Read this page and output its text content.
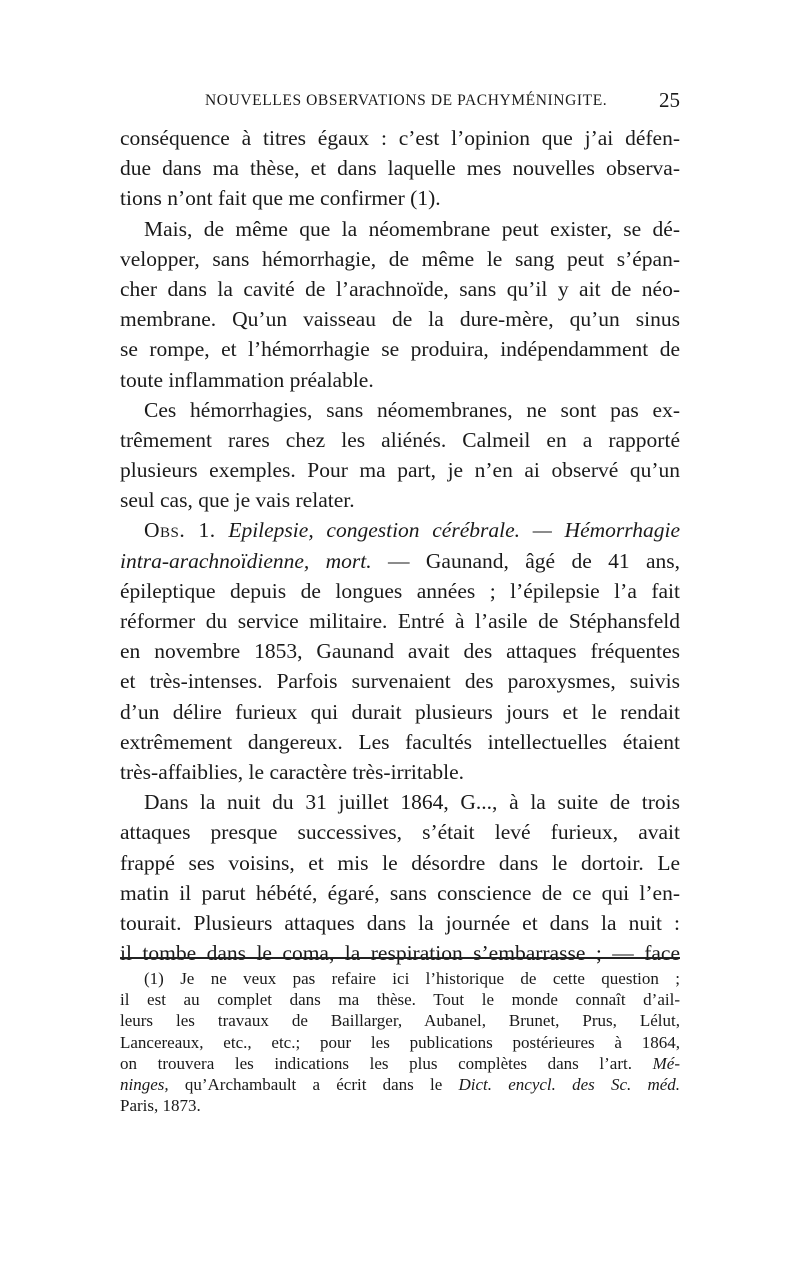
NOUVELLES OBSERVATIONS DE PACHYMÉNINGITE. 25
conséquence à titres égaux : c’est l’opinion que j’ai défen-
due dans ma thèse, et dans laquelle mes nouvelles observa-
tions n’ont fait que me confirmer (1).
Mais, de même que la néomembrane peut exister, se dé-
velopper, sans hémorrhagie, de même le sang peut s’épan-
cher dans la cavité de l’arachnoïde, sans qu’il y ait de néo-
membrane. Qu’un vaisseau de la dure-mère, qu’un sinus
se rompe, et l’hémorrhagie se produira, indépendamment de
toute inflammation préalable.
Ces hémorrhagies, sans néomembranes, ne sont pas ex-
trêmement rares chez les aliénés. Calmeil en a rapporté
plusieurs exemples. Pour ma part, je n’en ai observé qu’un
seul cas, que je vais relater.
Obs. 1. Epilepsie, congestion cérébrale. — Hémorrhagie
intra-arachnoïdienne, mort. — Gaunand, âgé de 41 ans,
épileptique depuis de longues années ; l’épilepsie l’a fait
réformer du service militaire. Entré à l’asile de Stéphansfeld
en novembre 1853, Gaunand avait des attaques fréquentes
et très-intenses. Parfois survenaient des paroxysmes, suivis
d’un délire furieux qui durait plusieurs jours et le rendait
extrêmement dangereux. Les facultés intellectuelles étaient
très-affaiblies, le caractère très-irritable.
Dans la nuit du 31 juillet 1864, G..., à la suite de trois
attaques presque successives, s’était levé furieux, avait
frappé ses voisins, et mis le désordre dans le dortoir. Le
matin il parut hébété, égaré, sans conscience de ce qui l’en-
tourait. Plusieurs attaques dans la journée et dans la nuit :
il tombe dans le coma, la respiration s’embarrasse ; — face
(1) Je ne veux pas refaire ici l’historique de cette question ;
il est au complet dans ma thèse. Tout le monde connaît d’ail-
leurs les travaux de Baillarger, Aubanel, Brunet, Prus, Lélut,
Lancereaux, etc., etc.; pour les publications postérieures à 1864,
on trouvera les indications les plus complètes dans l’art. Mé-
ninges, qu’Archambault a écrit dans le Dict. encycl. des Sc. méd.
Paris, 1873.
